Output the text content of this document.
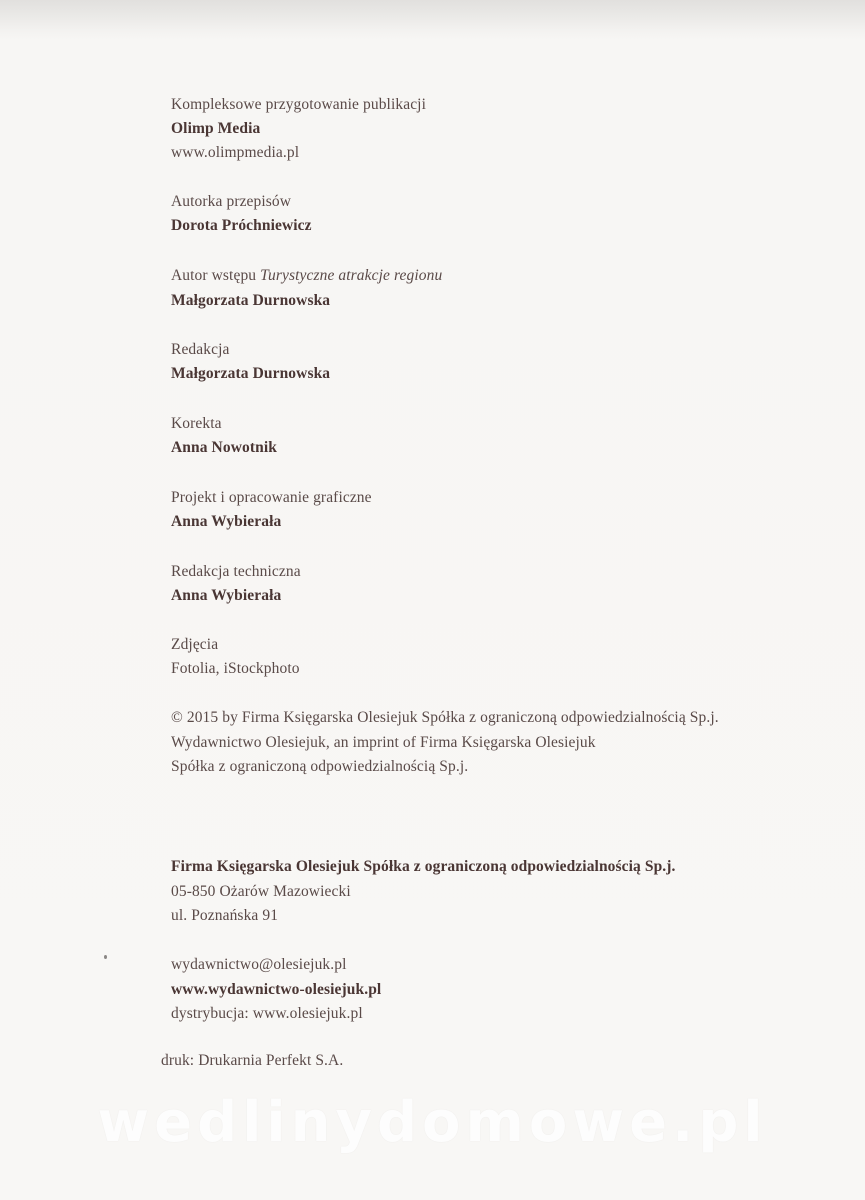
Kompleksowe przygotowanie publikacji
Olimp Media
www.olimpmedia.pl
Autorka przepisów
Dorota Próchniewicz
Autor wstępu Turystyczne atrakcje regionu
Małgorzata Durnowska
Redakcja
Małgorzata Durnowska
Korekta
Anna Nowotnik
Projekt i opracowanie graficzne
Anna Wybierała
Redakcja techniczna
Anna Wybierała
Zdjęcia
Fotolia, iStockphoto
© 2015 by Firma Księgarska Olesiejuk Spółka z ograniczoną odpowiedzialnością Sp.j.
Wydawnictwo Olesiejuk, an imprint of Firma Księgarska Olesiejuk
Spółka z ograniczoną odpowiedzialnością Sp.j.
Firma Księgarska Olesiejuk Spółka z ograniczoną odpowiedzialnością Sp.j.
05-850 Ożarów Mazowiecki
ul. Poznańska 91
wydawnictwo@olesiejuk.pl
www.wydawnictwo-olesiejuk.pl
dystrybucja: www.olesiejuk.pl
druk: Drukarnia Perfekt S.A.
wedlinydomowe.pl
